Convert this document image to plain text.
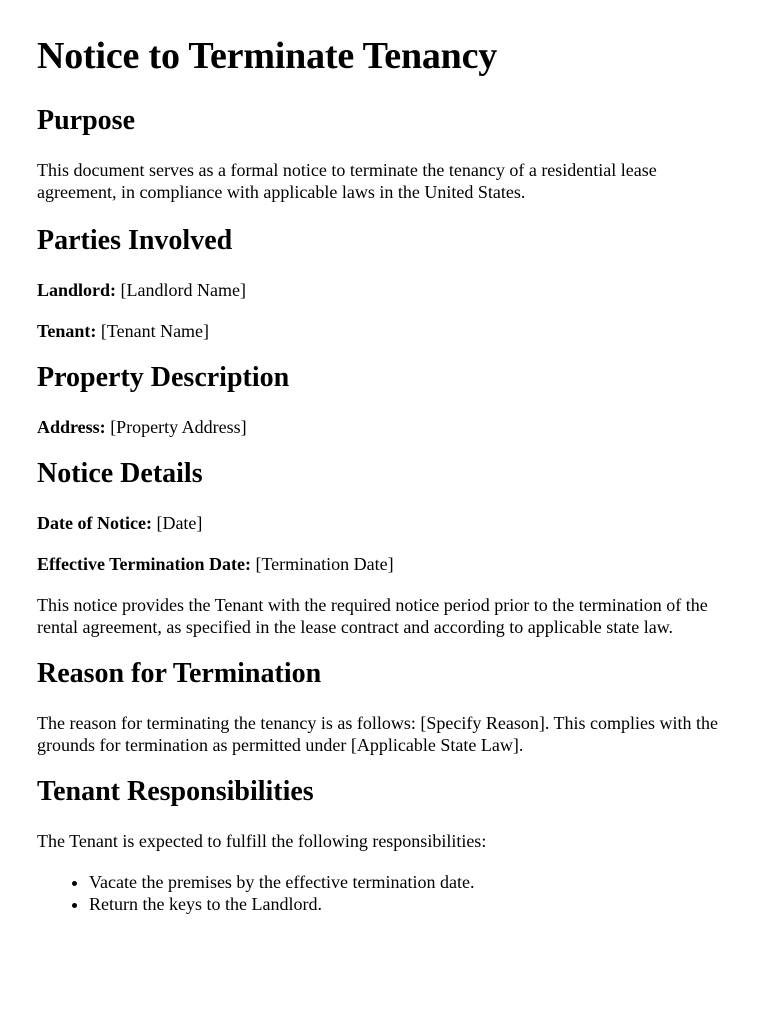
Notice to Terminate Tenancy
Purpose

This document serves as a formal notice to terminate the tenancy of a residential lease agreement, in compliance with applicable laws in the United States.

Parties Involved

Landlord: [Landlord Name]

Tenant: [Tenant Name]

Property Description

Address: [Property Address]

Notice Details

Date of Notice: [Date]

Effective Termination Date: [Termination Date]

This notice provides the Tenant with the required notice period prior to the termination of the rental agreement, as specified in the lease contract and according to applicable state law.

Reason for Termination

The reason for terminating the tenancy is as follows: [Specify Reason]. This complies with the grounds for termination as permitted under [Applicable State Law].

Tenant Responsibilities

The Tenant is expected to fulfill the following responsibilities:

• Vacate the premises by the effective termination date.
• Return the keys to the Landlord.
